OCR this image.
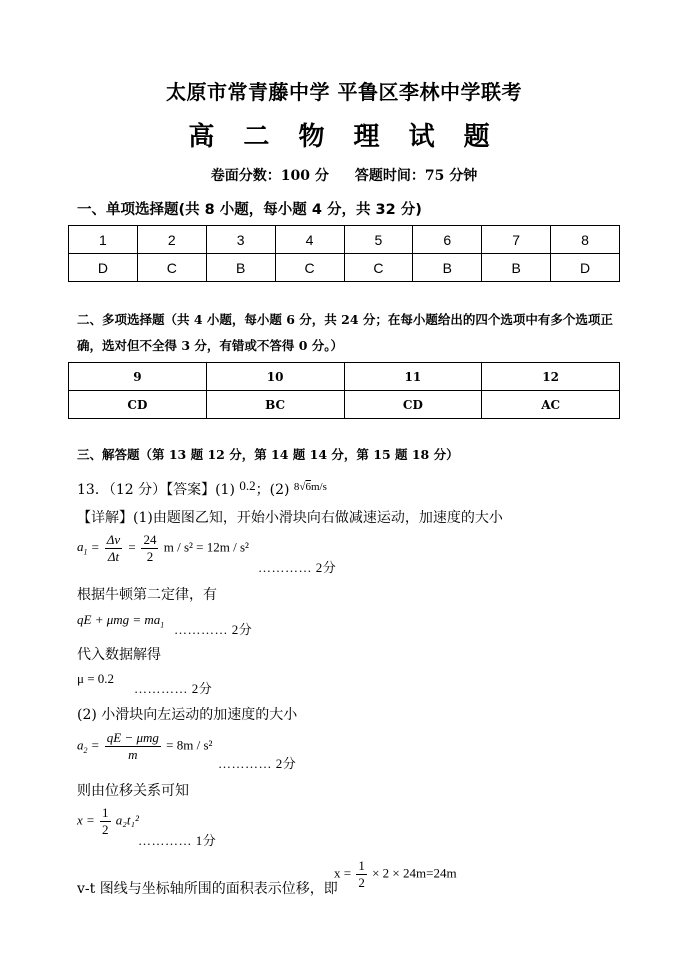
太原市常青藤中学 平鲁区李林中学联考
高 二 物 理 试 题
卷面分数：100 分 答题时间：75 分钟
一、单项选择题(共 8 小题，每小题 4 分，共 32 分)
1	2	3	4	5	6	7	8
D	C	B	C	C	B	B	D
二、多项选择题（共 4 小题，每小题 6 分，共 24 分；在每小题给出的四个选项中有多个选项正确，选对但不全得 3 分，有错或不答得 0 分。）
9	10	11	12
CD	BC	CD	AC
三、解答题（第 13 题 12 分，第 14 题 14 分，第 15 题 18 分）
13．（12 分）【答案】(1) 0.2；(2) $^{8√6m/s}$
【详解】(1)由题图乙知，开始小滑块向右做减速运动，加速度的大小
$a_1 = \frac{\Delta v}{\Delta t} = \frac{24}{2}$ m / s² = 12m / s²
………… 2分
根据牛顿第二定律，有
qE + $\mu mg = ma_1$ ………… 2分
代入数据解得
μ = 0.2
………… 2分
(2) 小滑块向左运动的加速度的大小
$a_2 = \frac{\text{qE − μmg}}{m} = 8m / s^2$
………… 2分
则由位移关系可知
$x = \frac{1}{2} a_2t_1^2$
………… 1分
v-t 图线与坐标轴所围的面积表示位移，即
$x = \frac{1}{2} \times 2 \times 24m=24m$
